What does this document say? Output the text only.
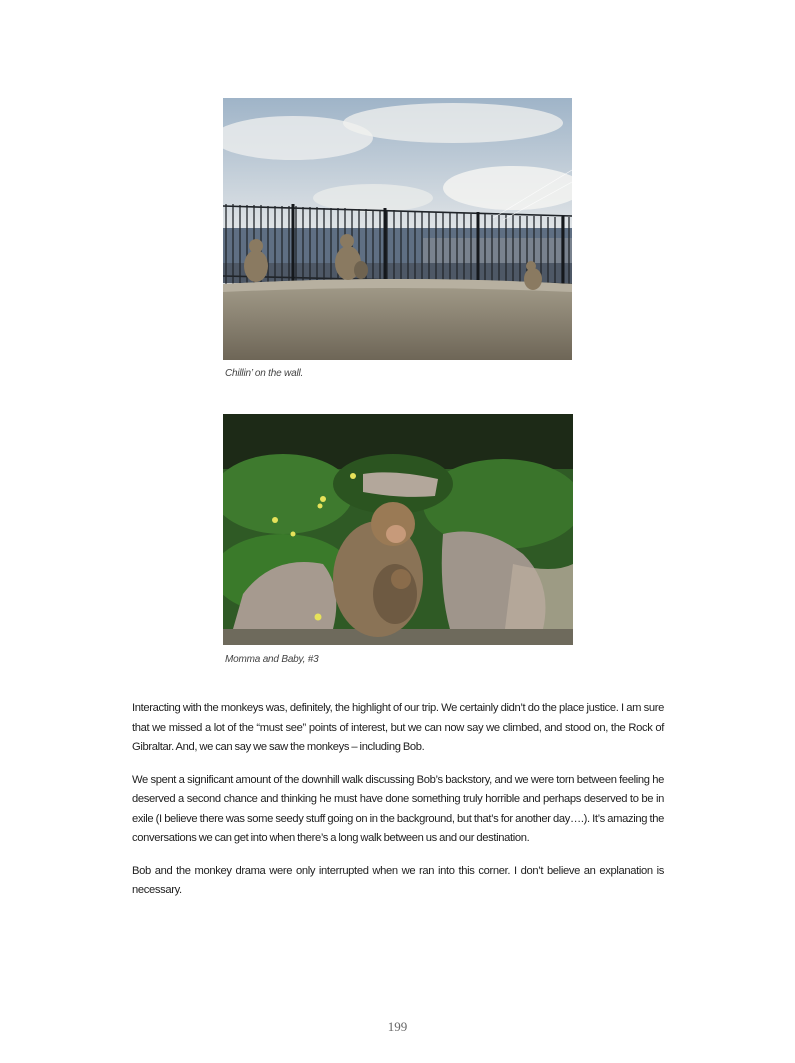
Chillin’ on the wall.
Momma and Baby, #3

Interacting with the monkeys was, definitely, the highlight of our trip. We certainly didn’t do the place justice. I am sure that we missed a lot of the “must see” points of interest, but we can now say we climbed, and stood on, the Rock of Gibraltar. And, we can say we saw the monkeys – including Bob.

We spent a significant amount of the downhill walk discussing Bob’s backstory, and we were torn between feeling he deserved a second chance and thinking he must have done something truly horrible and perhaps deserved to be in exile (I believe there was some seedy stuff going on in the background, but that’s for another day….). It’s amazing the conversations we can get into when there’s a long walk between us and our destination.

Bob and the monkey drama were only interrupted when we ran into this corner. I don’t believe an explanation is necessary.

199
